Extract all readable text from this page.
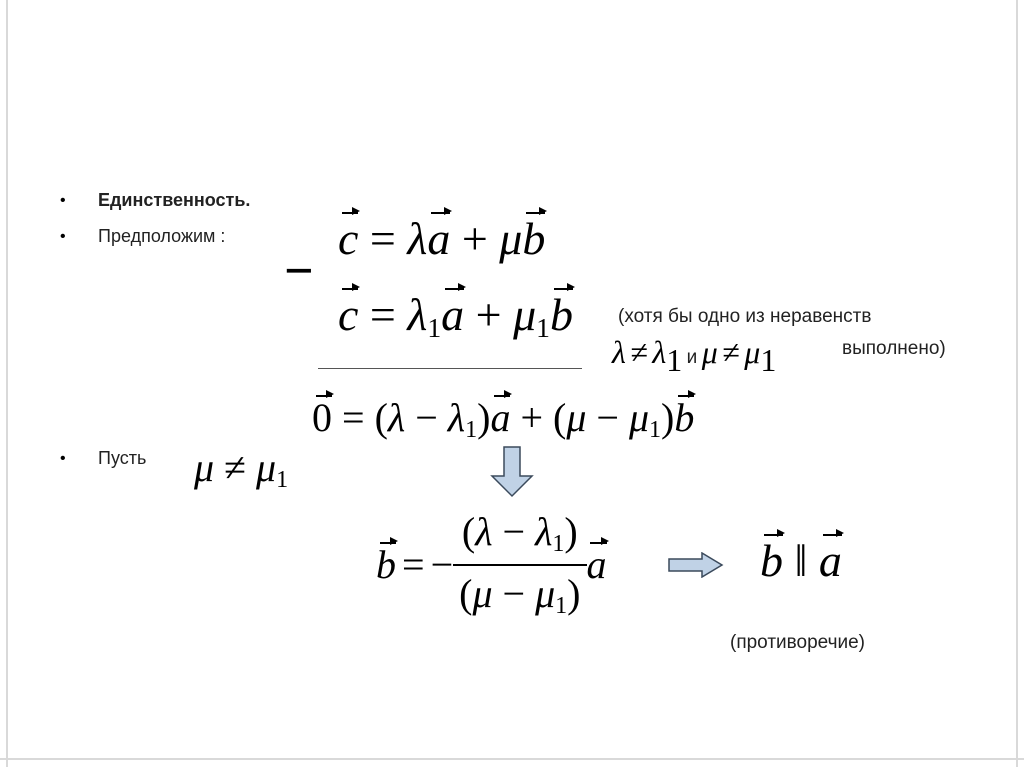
• Единственность.
• Предположим :
• Пусть
−
c = λa + μb
$c = \lambda_1a + \mu_1b$ (хотя бы одно из неравенств
$\lambda \ne \lambda_1$ и $\mu \ne \mu_1$	выполнено)
$0 = (\lambda - \lambda_1)a + (\mu - \mu_1)b$
$\mu \ne \mu_1$
b = − $\frac{(\lambda - \lambda_1)}{(\mu - \mu_1)}$ a	b ‖ a
(противоречие)
